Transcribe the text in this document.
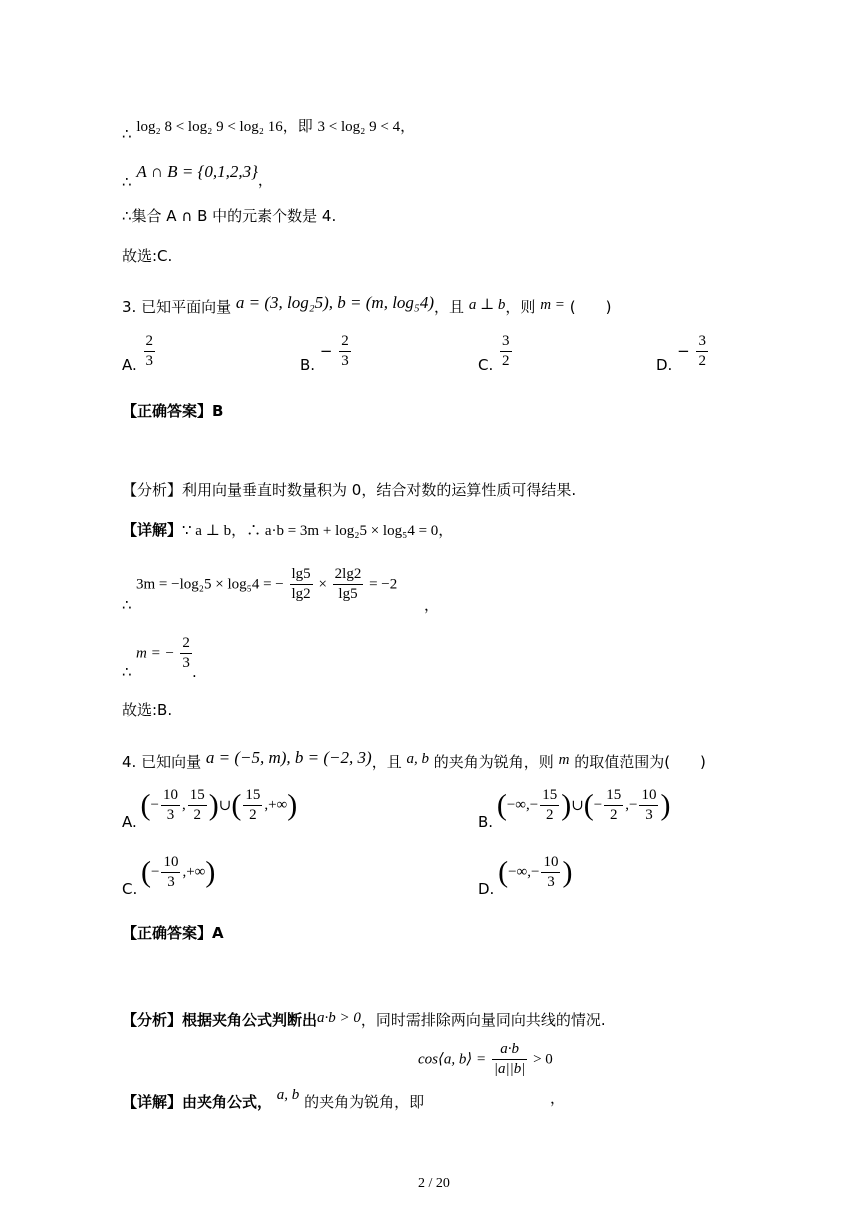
∴ log₂ 8 < log₂ 9 < log₂ 16，即 3 < log₂ 9 < 4，
∴ A ∩ B = {0,1,2,3}，
∴集合 A ∩ B 中的元素个数是 4.
故选:C.
3. 已知平面向量 a = (3, log₂5), b = (m, log₅4)，且 a ⊥ b，则 m = (　　)
A. $\frac{2}{3}$	B. − $\frac{2}{3}$	C. $\frac{3}{2}$	D. − $\frac{3}{2}$
【正确答案】B
【分析】利用向量垂直时数量积为 0，结合对数的运算性质可得结果.
【详解】∵ a ⊥ b，∴ a·b = 3m + log₂5 × log₅4 = 0，
∴
3m = −log₂5 × log₅4 = − $\frac{\lg 5}{\lg 2} \times \frac{2\lg 2}{\lg 5} = -2$
，
∴
m = − $\frac{2}{3}$ .
故选:B.
4. 已知向量 a = (−5, m), b = (−2, 3)，且 a, b 的夹角为锐角，则 m 的取值范围为(　　)
A. (− $\frac{10}{3}$ , $\frac{15}{2}$ )∪( $\frac{15}{2}$ ,+∞)
B. (−∞,− $\frac{15}{2}$ )∪(− $\frac{15}{2}$ ,− $\frac{10}{3}$ )
C. (− $\frac{10}{3}$ ,+∞)
D. (−∞,− $\frac{10}{3}$ )
【正确答案】A
【分析】根据夹角公式判断出a·b > 0，同时需排除两向量同向共线的情况.
【详解】由夹角公式， a, b 的夹角为锐角，即
cos⟨a, b⟩ = $\frac{a\cdot b}{|a||b|} > 0$
，
2 / 20
